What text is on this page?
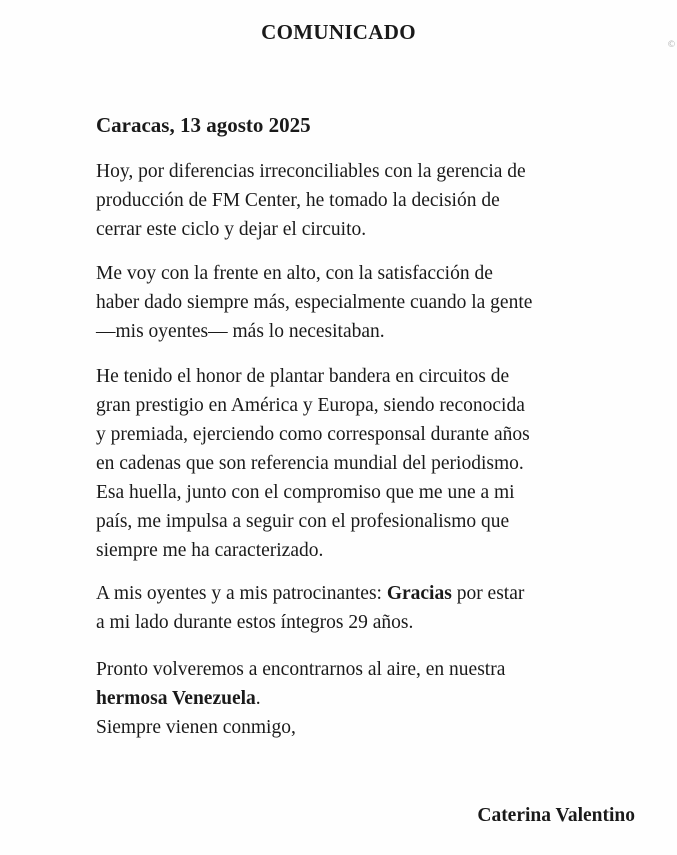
COMUNICADO

Caracas, 13 agosto 2025

Hoy, por diferencias irreconciliables con la gerencia de
producción de FM Center, he tomado la decisión de
cerrar este ciclo y dejar el circuito.

Me voy con la frente en alto, con la satisfacción de
haber dado siempre más, especialmente cuando la gente
—mis oyentes— más lo necesitaban.

He tenido el honor de plantar bandera en circuitos de
gran prestigio en América y Europa, siendo reconocida
y premiada, ejerciendo como corresponsal durante años
en cadenas que son referencia mundial del periodismo.
Esa huella, junto con el compromiso que me une a mi
país, me impulsa a seguir con el profesionalismo que
siempre me ha caracterizado.

A mis oyentes y a mis patrocinantes: Gracias por estar
a mi lado durante estos íntegros 29 años.

Pronto volveremos a encontrarnos al aire, en nuestra
hermosa Venezuela.
Siempre vienen conmigo,

Caterina Valentino

©
